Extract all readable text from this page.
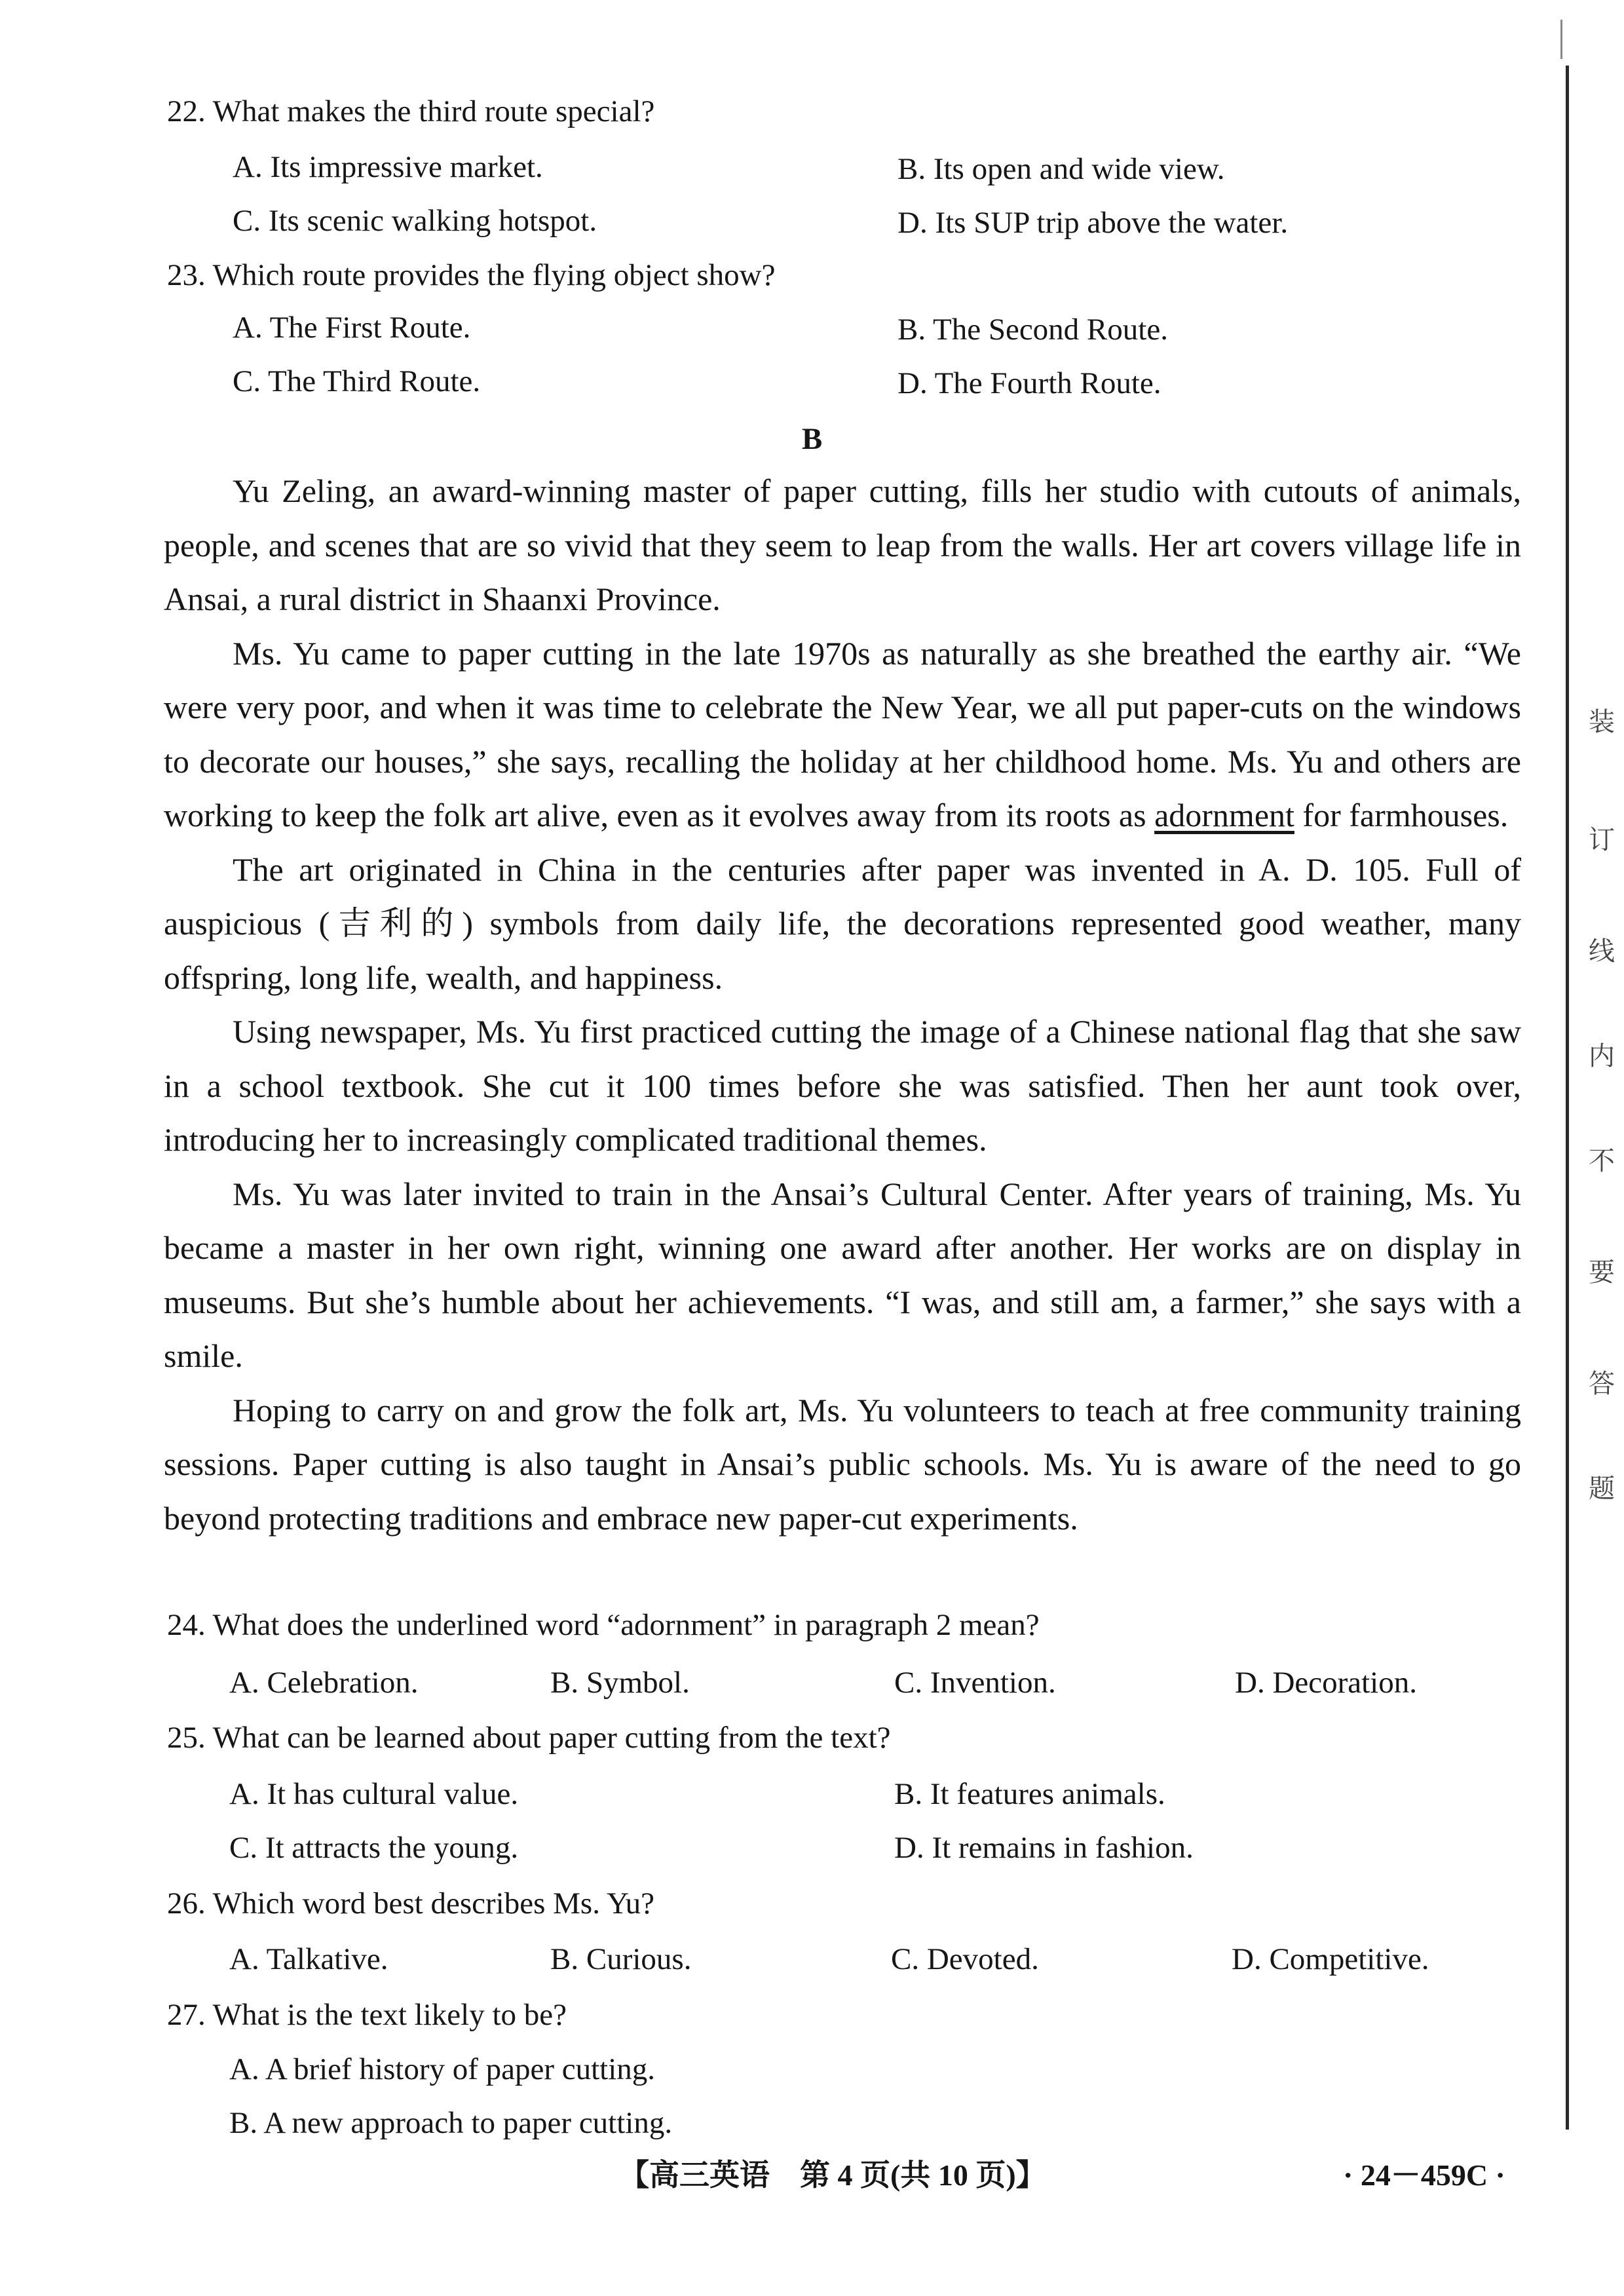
22. What makes the third route special?
A. Its impressive market.	B. Its open and wide view.
C. Its scenic walking hotspot.	D. Its SUP trip above the water.
23. Which route provides the flying object show?
A. The First Route.	B. The Second Route.
C. The Third Route.	D. The Fourth Route.
B

Yu Zeling, an award-winning master of paper cutting, fills her studio with cutouts of animals, people, and scenes that are so vivid that they seem to leap from the walls. Her art covers village life in Ansai, a rural district in Shaanxi Province.

Ms. Yu came to paper cutting in the late 1970s as naturally as she breathed the earthy air. “We were very poor, and when it was time to celebrate the New Year, we all put paper-cuts on the windows to decorate our houses,” she says, recalling the holiday at her childhood home. Ms. Yu and others are working to keep the folk art alive, even as it evolves away from its roots as adornment for farmhouses.

The art originated in China in the centuries after paper was invented in A. D. 105. Full of auspicious (吉利的) symbols from daily life, the decorations represented good weather, many offspring, long life, wealth, and happiness.

Using newspaper, Ms. Yu first practiced cutting the image of a Chinese national flag that she saw in a school textbook. She cut it 100 times before she was satisfied. Then her aunt took over, introducing her to increasingly complicated traditional themes.

Ms. Yu was later invited to train in the Ansai’s Cultural Center. After years of training, Ms. Yu became a master in her own right, winning one award after another. Her works are on display in museums. But she’s humble about her achievements. “I was, and still am, a farmer,” she says with a smile.

Hoping to carry on and grow the folk art, Ms. Yu volunteers to teach at free community training sessions. Paper cutting is also taught in Ansai’s public schools. Ms. Yu is aware of the need to go beyond protecting traditions and embrace new paper-cut experiments.

24. What does the underlined word “adornment” in paragraph 2 mean?
A. Celebration.	B. Symbol.	C. Invention.	D. Decoration.
25. What can be learned about paper cutting from the text?
A. It has cultural value.	B. It features animals.
C. It attracts the young.	D. It remains in fashion.
26. Which word best describes Ms. Yu?
A. Talkative.	B. Curious.	C. Devoted.	D. Competitive.
27. What is the text likely to be?
A. A brief history of paper cutting.
B. A new approach to paper cutting.
【高三英语　第 4 页(共 10 页)】	· 24－459C ·
装
订
线
内
不
要
答
题
